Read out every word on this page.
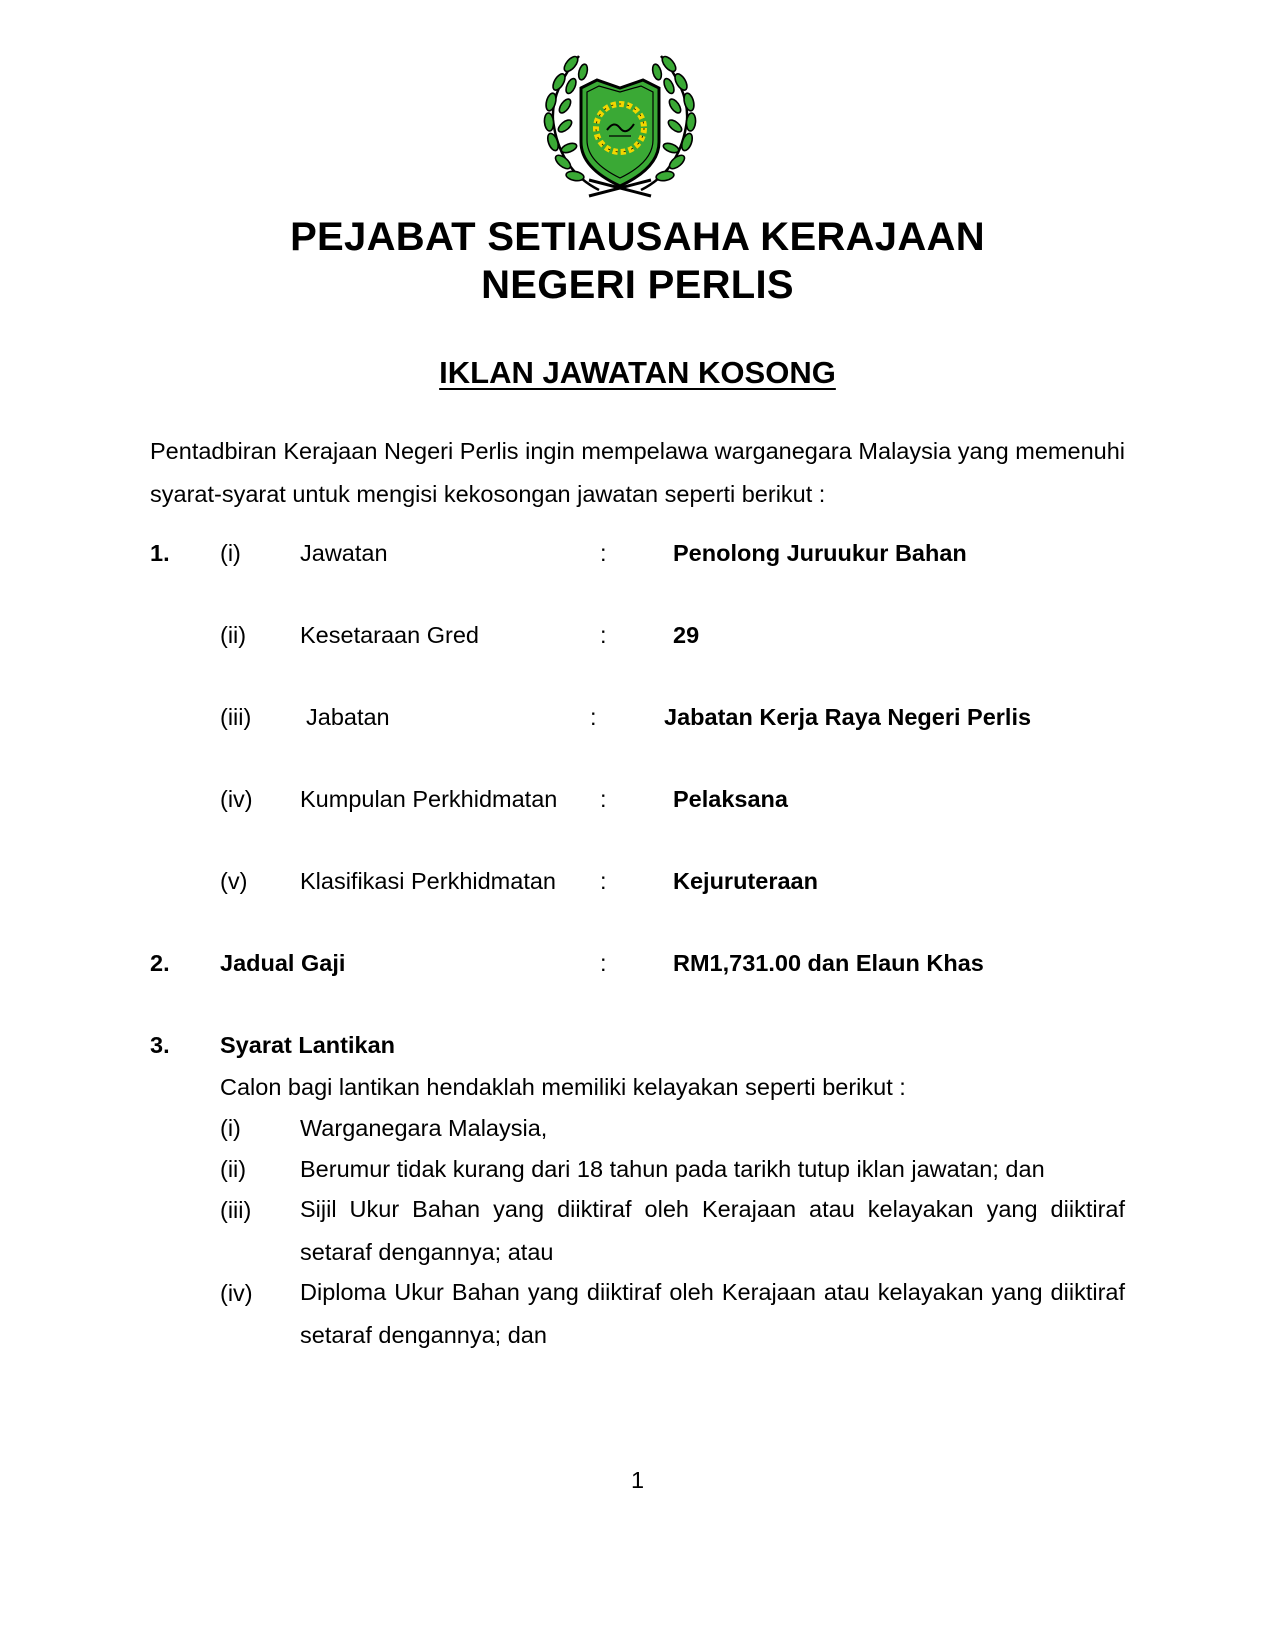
PEJABAT SETIAUSAHA KERAJAAN
NEGERI PERLIS
IKLAN JAWATAN KOSONG
Pentadbiran Kerajaan Negeri Perlis ingin mempelawa warganegara Malaysia yang memenuhi syarat-syarat untuk mengisi kekosongan jawatan seperti berikut :
1. (i)	Jawatan	:	Penolong Juruukur Bahan
(ii) Kesetaraan Gred	:	29
(iii) Jabatan	:	Jabatan Kerja Raya Negeri Perlis
(iv) Kumpulan Perkhidmatan :	Pelaksana
(v) Klasifikasi Perkhidmatan :	Kejuruteraan
2. Jadual Gaji	:	RM1,731.00 dan Elaun Khas
3. Syarat Lantikan
Calon bagi lantikan hendaklah memiliki kelayakan seperti berikut :
(i)	Warganegara Malaysia,
(ii) Berumur tidak kurang dari 18 tahun pada tarikh tutup iklan jawatan; dan
(iii) Sijil Ukur Bahan yang diiktiraf oleh Kerajaan atau kelayakan yang diiktiraf setaraf dengannya; atau
(iv) Diploma Ukur Bahan yang diiktiraf oleh Kerajaan atau kelayakan yang diiktiraf setaraf dengannya; dan
1
